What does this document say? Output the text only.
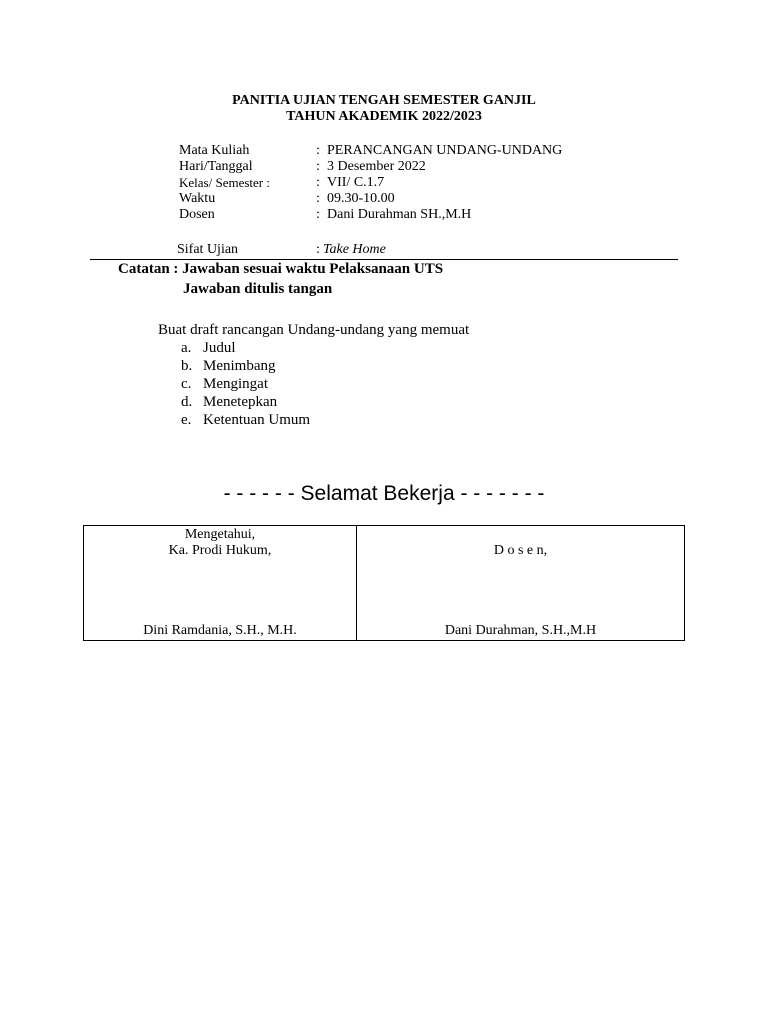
PANITIA UJIAN TENGAH SEMESTER GANJIL
TAHUN AKADEMIK 2022/2023
Mata Kuliah	: PERANCANGAN UNDANG-UNDANG
Hari/Tanggal	: 3 Desember 2022
Kelas/ Semester :	: VII/ C.1.7
Waktu	: 09.30-10.00
Dosen	: Dani Durahman SH.,M.H
Sifat Ujian	: Take Home
Catatan : Jawaban sesuai waktu Pelaksanaan UTS
Jawaban ditulis tangan
Buat draft rancangan Undang-undang yang memuat
a. Judul
b. Menimbang
c. Mengingat
d. Menetepkan
e. Ketentuan Umum
- - - - - - Selamat Bekerja - - - - - - -
Mengetahui,
Ka. Prodi Hukum,
Dini Ramdania, S.H., M.H.

D o s e n,
Dani Durahman, S.H.,M.H
